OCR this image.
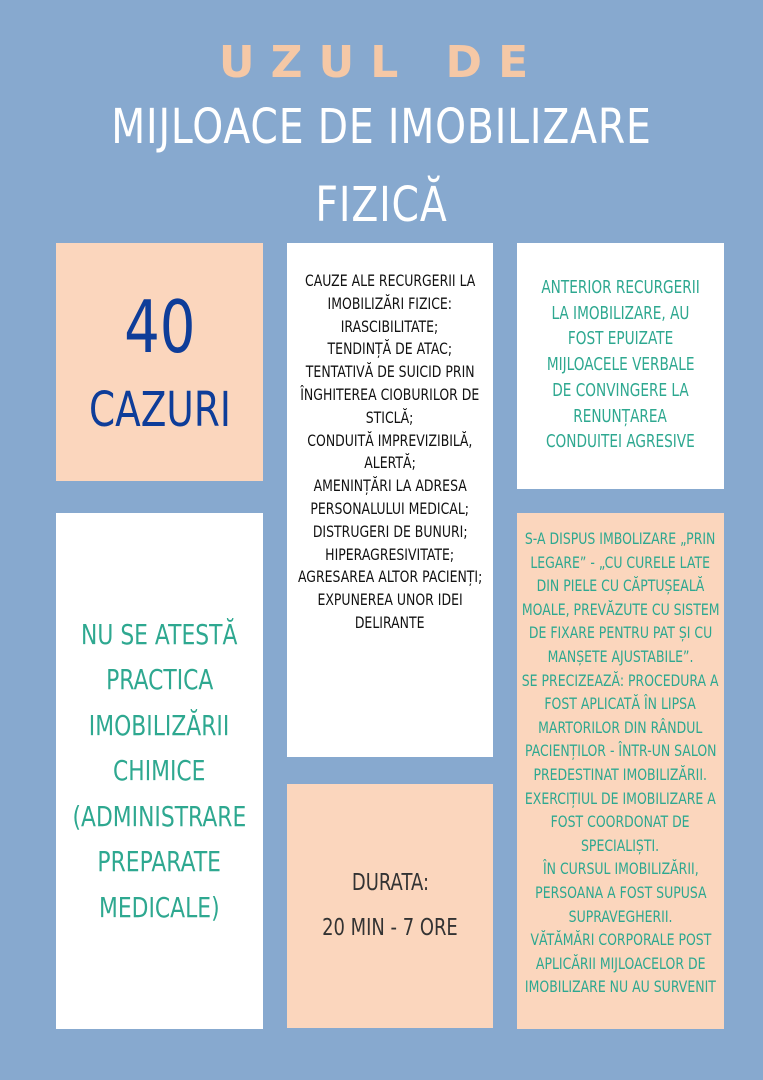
UZUL DE
MIJLOACE DE IMOBILIZARE
FIZICĂ
40
CAZURI
CAUZE ALE RECURGERII LA
IMOBILIZĂRI FIZICE:
IRASCIBILITATE;
TENDINȚĂ DE ATAC;
TENTATIVĂ DE SUICID PRIN
ÎNGHITEREA CIOBURILOR DE
STICLĂ;
CONDUITĂ IMPREVIZIBILĂ,
ALERTĂ;
AMENINȚĂRI LA ADRESA
PERSONALULUI MEDICAL;
DISTRUGERI DE BUNURI;
HIPERAGRESIVITATE;
AGRESAREA ALTOR PACIENȚI;
EXPUNEREA UNOR IDEI
DELIRANTE
ANTERIOR RECURGERII
LA IMOBILIZARE, AU
FOST EPUIZATE
MIJLOACELE VERBALE
DE CONVINGERE LA
RENUNȚAREA
CONDUITEI AGRESIVE
NU SE ATESTĂ
PRACTICA
IMOBILIZĂRII
CHIMICE
(ADMINISTRARE
PREPARATE
MEDICALE)
DURATA:
20 MIN - 7 ORE
S-A DISPUS IMBOLIZARE „PRIN
LEGARE” - „CU CURELE LATE
DIN PIELE CU CĂPTUȘEALĂ
MOALE, PREVĂZUTE CU SISTEM
DE FIXARE PENTRU PAT ȘI CU
MANȘETE AJUSTABILE”.
SE PRECIZEAZĂ: PROCEDURA A
FOST APLICATĂ ÎN LIPSA
MARTORILOR DIN RÂNDUL
PACIENȚILOR - ÎNTR-UN SALON
PREDESTINAT IMOBILIZĂRII.
EXERCIȚIUL DE IMOBILIZARE A
FOST COORDONAT DE
SPECIALIȘTI.
ÎN CURSUL IMOBILIZĂRII,
PERSOANA A FOST SUPUSA
SUPRAVEGHERII.
VĂTĂMĂRI CORPORALE POST
APLICĂRII MIJLOACELOR DE
IMOBILIZARE NU AU SURVENIT
